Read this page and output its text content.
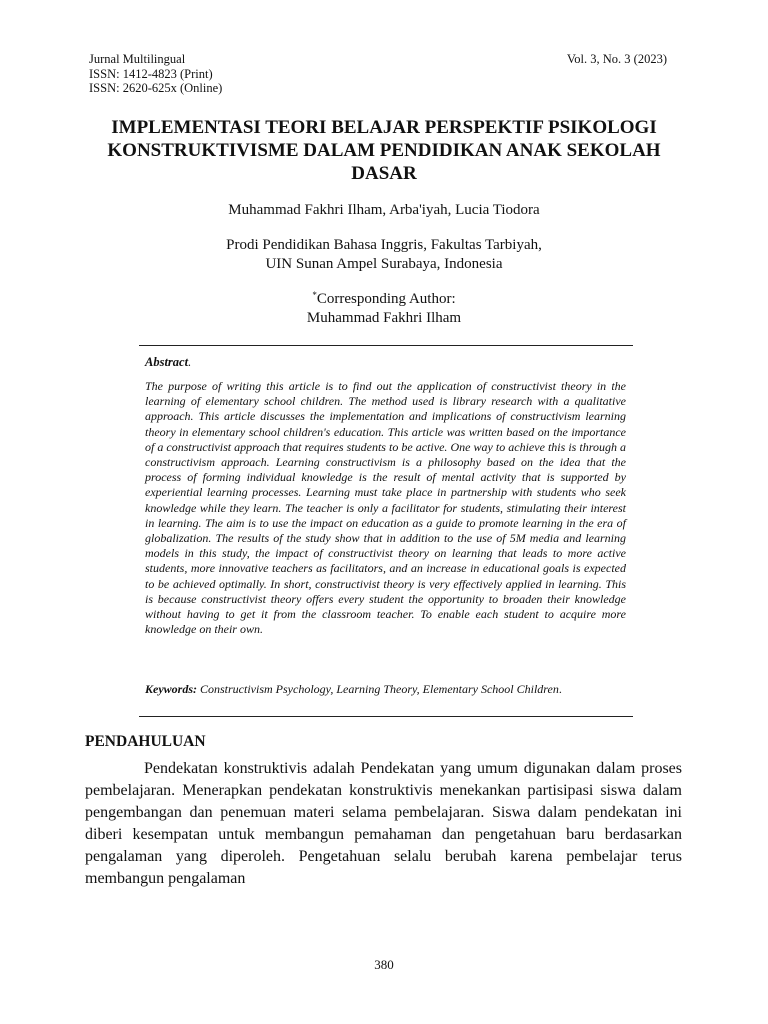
Jurnal Multilingual
ISSN: 1412-4823 (Print)
ISSN: 2620-625x (Online)
Vol. 3, No. 3 (2023)
IMPLEMENTASI TEORI BELAJAR PERSPEKTIF PSIKOLOGI KONSTRUKTIVISME DALAM PENDIDIKAN ANAK SEKOLAH DASAR
Muhammad Fakhri Ilham, Arba'iyah, Lucia Tiodora
Prodi Pendidikan Bahasa Inggris, Fakultas Tarbiyah,
UIN Sunan Ampel Surabaya, Indonesia
*Corresponding Author:
Muhammad Fakhri Ilham
Abstract.

The purpose of writing this article is to find out the application of constructivist theory in the learning of elementary school children. The method used is library research with a qualitative approach. This article discusses the implementation and implications of constructivism learning theory in elementary school children's education. This article was written based on the importance of a constructivist approach that requires students to be active. One way to achieve this is through a constructivism approach. Learning constructivism is a philosophy based on the idea that the process of forming individual knowledge is the result of mental activity that is supported by experiential learning processes. Learning must take place in partnership with students who seek knowledge while they learn. The teacher is only a facilitator for students, stimulating their interest in learning. The aim is to use the impact on education as a guide to promote learning in the era of globalization. The results of the study show that in addition to the use of 5M media and learning models in this study, the impact of constructivist theory on learning that leads to more active students, more innovative teachers as facilitators, and an increase in educational goals is expected to be achieved optimally. In short, constructivist theory is very effectively applied in learning. This is because constructivist theory offers every student the opportunity to broaden their knowledge without having to get it from the classroom teacher. To enable each student to acquire more knowledge on their own.

Keywords: Constructivism Psychology, Learning Theory, Elementary School Children.
PENDAHULUAN

Pendekatan konstruktivis adalah Pendekatan yang umum digunakan dalam proses pembelajaran. Menerapkan pendekatan konstruktivis menekankan partisipasi siswa dalam pengembangan dan penemuan materi selama pembelajaran. Siswa dalam pendekatan ini diberi kesempatan untuk membangun pemahaman dan pengetahuan baru berdasarkan pengalaman yang diperoleh. Pengetahuan selalu berubah karena pembelajar terus membangun pengalaman

380
